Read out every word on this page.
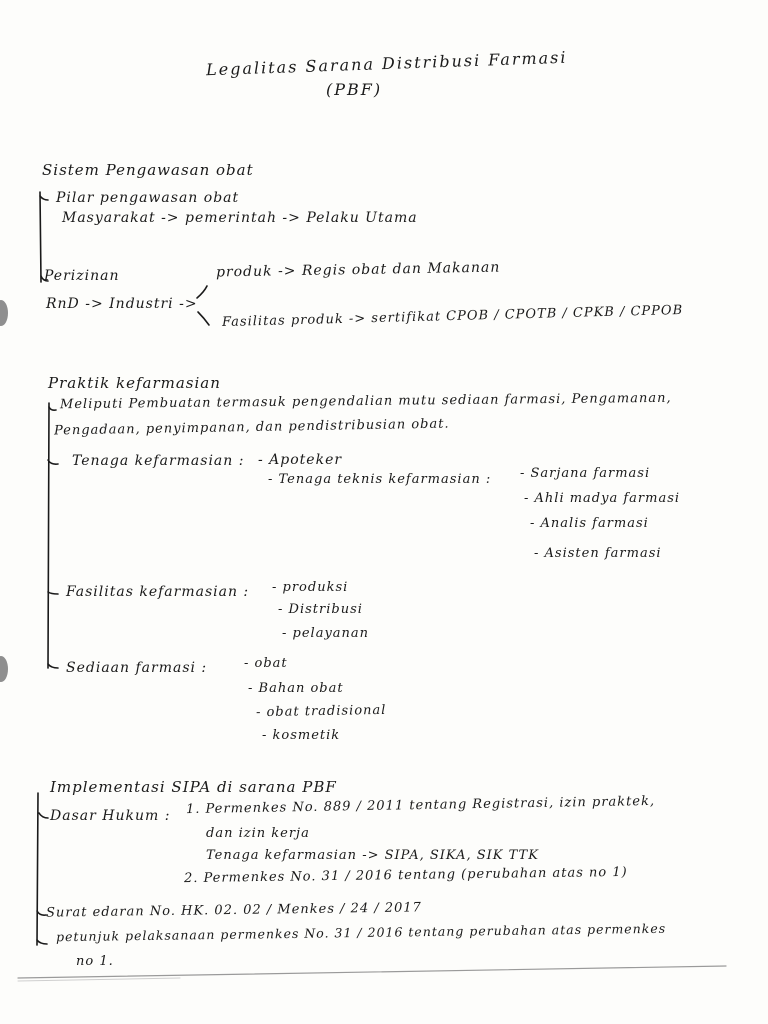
Legalitas Sarana Distribusi Farmasi
(PBF)
Sistem Pengawasan obat
Pilar pengawasan obat
Masyarakat -> pemerintah -> Pelaku Utama
Perizinan
RnD -> Industri ->
produk -> Regis obat dan Makanan
Fasilitas produk -> sertifikat CPOB / CPOTB / CPKB / CPPOB
Praktik kefarmasian
Meliputi Pembuatan termasuk pengendalian mutu sediaan farmasi, Pengamanan,
Pengadaan, penyimpanan, dan pendistribusian obat.
Tenaga kefarmasian : - Apoteker
- Tenaga teknis kefarmasian : - Sarjana farmasi
- Ahli madya farmasi
- Analis farmasi
- Asisten farmasi
Fasilitas kefarmasian : - produksi
- Distribusi
- pelayanan
Sediaan farmasi :	- obat
- Bahan obat
- obat tradisional
- kosmetik
Implementasi SIPA di sarana PBF
Dasar Hukum : 1. Permenkes No. 889 / 2011 tentang Registrasi, izin praktek,
dan izin kerja
Tenaga kefarmasian -> SIPA, SIKA, SIK TTK
2. Permenkes No. 31 / 2016 tentang (perubahan atas no 1)
Surat edaran No. HK. 02. 02 / Menkes / 24 / 2017
petunjuk pelaksanaan permenkes No. 31 / 2016 tentang perubahan atas permenkes
no 1.
